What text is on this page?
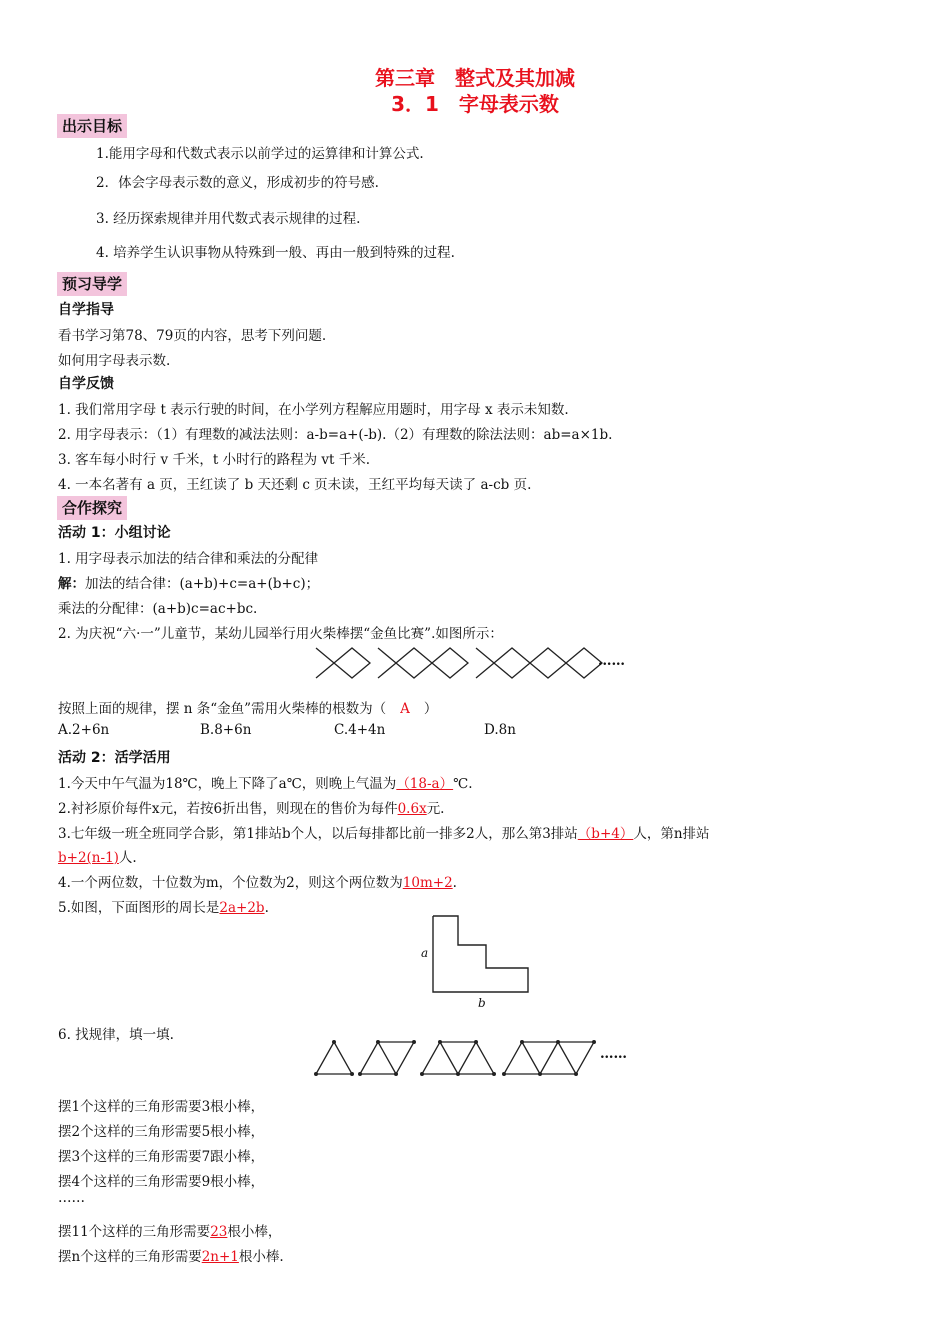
第三章　整式及其加减
3．1　字母表示数
出示目标
1.能用字母和代数式表示以前学过的运算律和计算公式.
2．体会字母表示数的意义，形成初步的符号感.
3. 经历探索规律并用代数式表示规律的过程.
4. 培养学生认识事物从特殊到一般、再由一般到特殊的过程.
预习导学
自学指导
看书学习第78、79页的内容，思考下列问题.
如何用字母表示数.
自学反馈
1. 我们常用字母 t 表示行驶的时间，在小学列方程解应用题时，用字母 x 表示未知数.
2. 用字母表示：（1）有理数的减法法则：a-b=a+(-b).（2）有理数的除法法则：ab=a×1b.
3. 客车每小时行 v 千米，t 小时行的路程为 vt 千米.
4. 一本名著有 a 页，王红读了 b 天还剩 c 页未读，王红平均每天读了 a-cb 页.
合作探究
活动 1：小组讨论
1. 用字母表示加法的结合律和乘法的分配律
解：加法的结合律：(a+b)+c=a+(b+c)；
乘法的分配律：(a+b)c=ac+bc.
2. 为庆祝“六·一”儿童节，某幼儿园举行用火柴棒摆“金鱼比赛”.如图所示：
……
按照上面的规律，摆 n 条“金鱼”需用火柴棒的根数为（ A ）
A.2+6n	B.8+6n	C.4+4n	D.8n
活动 2：活学活用
1.今天中午气温为18℃，晚上下降了a℃，则晚上气温为（18-a）℃.
2.衬衫原价每件x元，若按6折出售，则现在的售价为每件0.6x元.
3.七年级一班全班同学合影，第1排站b个人，以后每排都比前一排多2人，那么第3排站（b+4）人，第n排站
b+2(n-1)人.
4.一个两位数，十位数为m，个位数为2，则这个两位数为10m+2.
5.如图，下面图形的周长是2a+2b.
a
b
6. 找规律，填一填.
……
摆1个这样的三角形需要3根小棒，
摆2个这样的三角形需要5根小棒，
摆3个这样的三角形需要7跟小棒，
摆4个这样的三角形需要9根小棒，
……
摆11个这样的三角形需要23根小棒，
摆n个这样的三角形需要2n+1根小棒.
